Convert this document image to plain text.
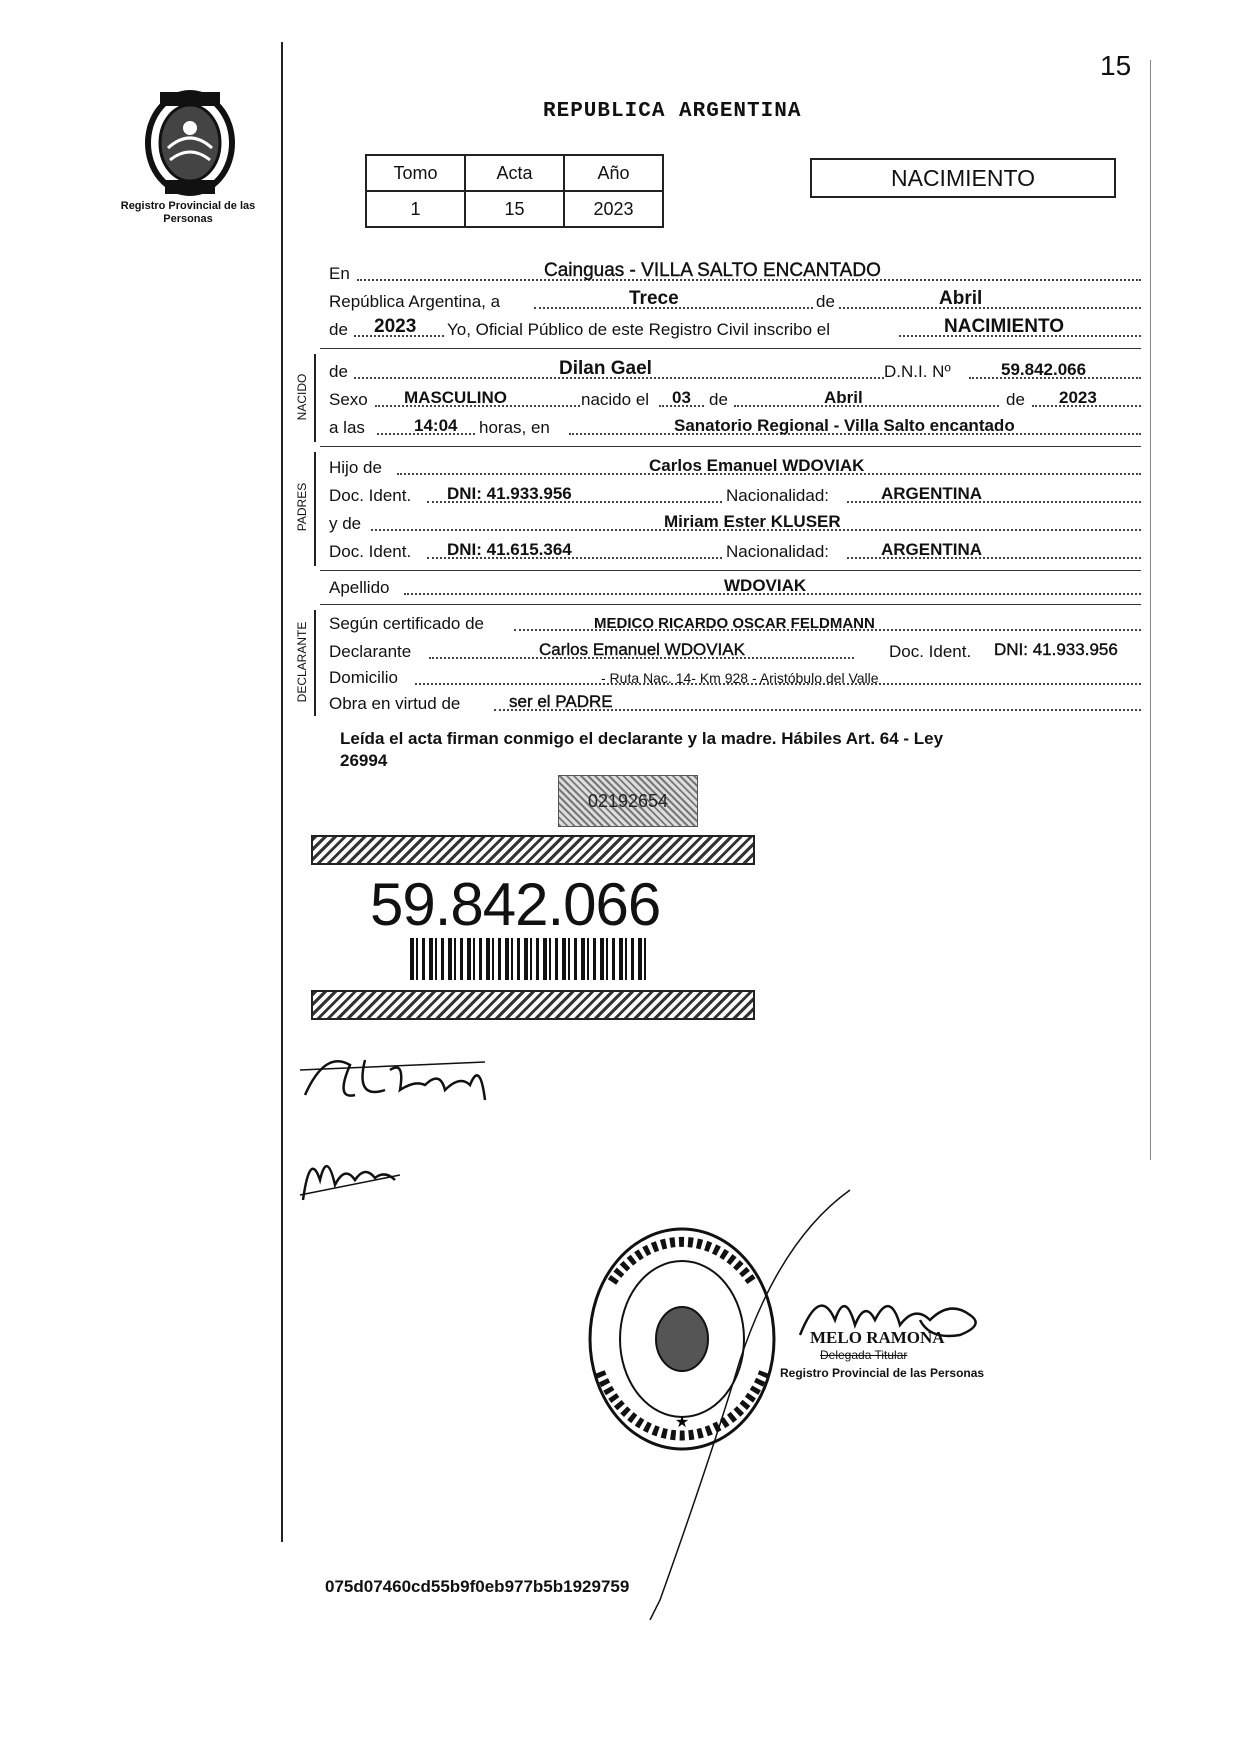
15
Registro Provincial de las Personas
REPUBLICA ARGENTINA
Tomo	Acta	Año
1	15	2023
NACIMIENTO
En	Cainguas - VILLA SALTO ENCANTADO
República Argentina, a	Trece	de	Abril
de 2023 Yo, Oficial Público de este Registro Civil inscribo el	NACIMIENTO
NACIDO
de	Dilan Gael	D.N.I. Nº	59.842.066
Sexo MASCULINO	nacido el 03 de	Abril	de 2023
a las	14:04 horas, en	Sanatorio Regional - Villa Salto encantado
PADRES
Hijo de	Carlos Emanuel WDOVIAK
Doc. Ident. DNI: 41.933.956	Nacionalidad:	ARGENTINA
y de	Miriam Ester KLUSER
Doc. Ident. DNI: 41.615.364	Nacionalidad:	ARGENTINA
Apellido	WDOVIAK
DECLARANTE Según certificado de	MEDICO RICARDO OSCAR FELDMANN
Declarante	Carlos Emanuel WDOVIAK	Doc. Ident. DNI: 41.933.956
Domicilio	- Ruta Nac. 14- Km 928 - Aristóbulo del Valle
Obra en virtud de	ser el PADRE
Leída el acta firman conmigo el declarante y la madre. Hábiles Art. 64 - Ley
26994
02192654
59.842.066
★
MELO RAMONA
Delegada Titular
Registro Provincial de las Personas
075d07460cd55b9f0eb977b5b1929759
